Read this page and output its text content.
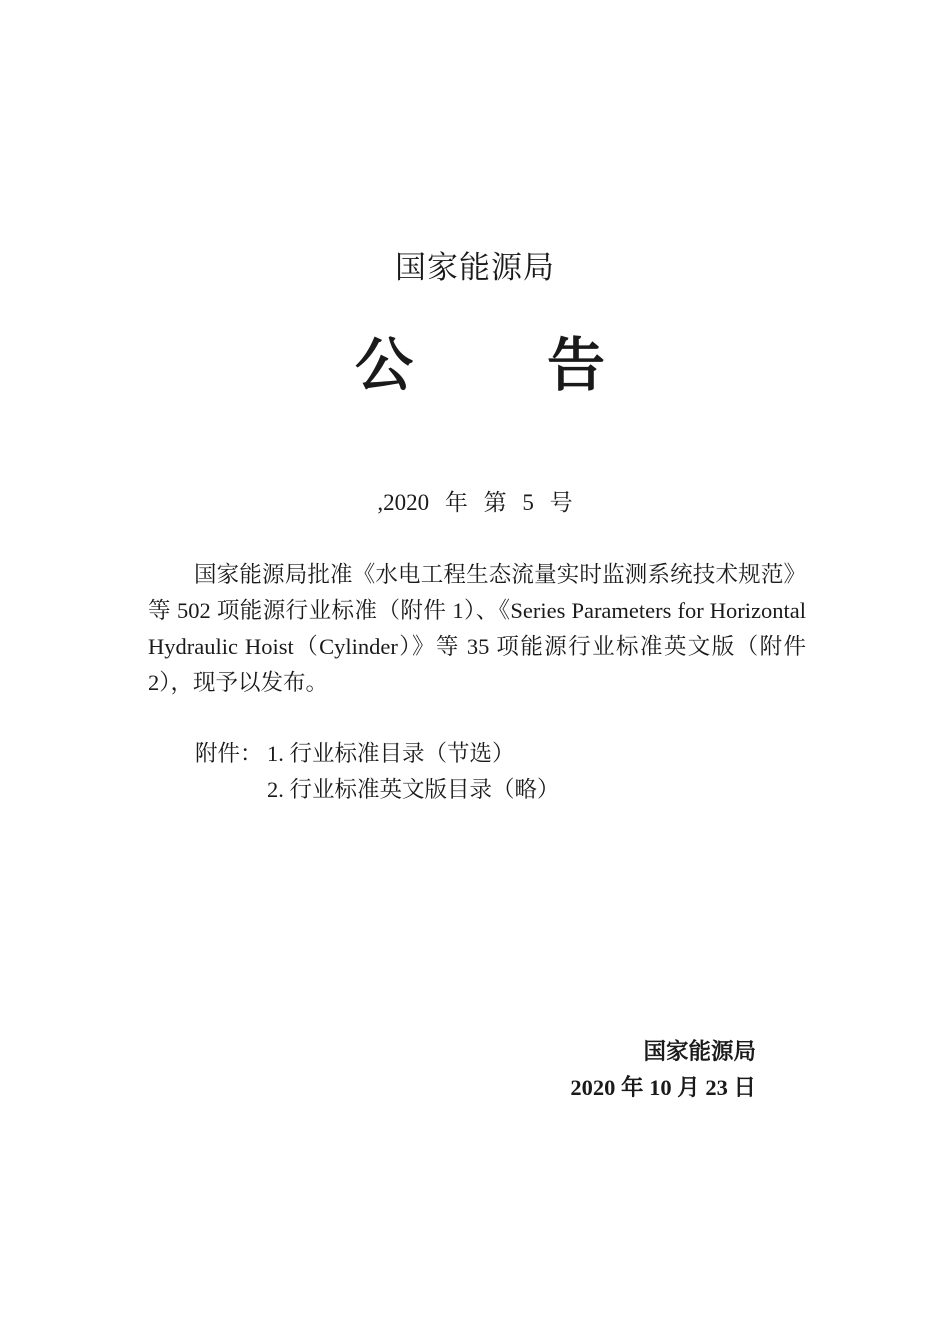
国家能源局
公 告
,2020 年 第 5 号

国家能源局批准《水电工程生态流量实时监测系统技术规范》等 502 项能源行业标准（附件 1）、《Series Parameters for Horizontal Hydraulic Hoist（Cylinder）》等 35 项能源行业标准英文版（附件 2），现予以发布。

附件： 1. 行业标准目录（节选）
2. 行业标准英文版目录（略）
国家能源局
2020 年 10 月 23 日
